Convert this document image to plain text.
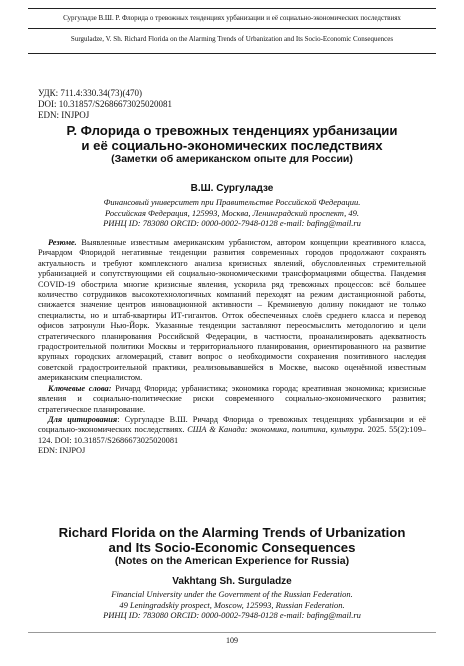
Сургуладзе В.Ш. Р. Флорида о тревожных тенденциях урбанизации и её социально-экономических последствиях
Surguladze, V. Sh. Richard Florida on the Alarming Trends of Urbanization and Its Socio-Economic Consequences
УДК: 711.4:330.34(73)(470)
DOI: 10.31857/S2686673025020081
EDN: INJPOJ
Р. Флорида о тревожных тенденциях урбанизации
и её социально-экономических последствиях
(Заметки об американском опыте для России)
В.Ш. Сургуладзе
Финансовый университет при Правительстве Российской Федерации.
Российская Федерация, 125993, Москва, Ленинградский проспект, 49.
РИНЦ ID: 783080 ORCID: 0000-0002-7948-0128 e-mail: bafing@mail.ru

Резюме. Выявленные известным американским урбанистом, автором концепции креативного класса, Ричардом Флоридой негативные тенденции развития современных городов продолжают сохранять актуальность и требуют комплексного анализа кризисных явлений, обусловленных стремительной урбанизацией и сопутствующими ей социально-экономическими трансформациями общества. Пандемия COVID-19 обострила многие кризисные явления, ускорила ряд тревожных процессов: всё большее количество сотрудников высокотехнологичных компаний переходят на режим дистанционной работы, снижается значение центров инновационной активности – Кремниевую долину покидают не только специалисты, но и штаб-квартиры ИТ-гигантов. Отток обеспеченных слоёв среднего класса и перевод офисов затронули Нью-Йорк. Указанные тенденции заставляют переосмыслить методологию и цели стратегического планирования Российской Федерации, в частности, проанализировать адекватность градостроительной политики Москвы и территориального планирования, ориентированного на развитие крупных городских агломераций, ставит вопрос о необходимости сохранения позитивного наследия советской градостроительной практики, реализовывавшейся в Москве, высоко оценённой известным американским специалистом.

Ключевые слова: Ричард Флорида; урбанистика; экономика города; креативная экономика; кризисные явления и социально-политические риски современного социально-экономического развития; стратегическое планирование.

Для цитирования: Сургуладзе В.Ш. Ричард Флорида о тревожных тенденциях урбанизации и её социально-экономических последствиях. США & Канада: экономика, политика, культура. 2025. 55(2):109–124. DOI: 10.31857/S2686673025020081

EDN: INJPOJ

Richard Florida on the Alarming Trends of Urbanization
and Its Socio-Economic Consequences
(Notes on the American Experience for Russia)
Vakhtang Sh. Surguladze
Financial University under the Government of the Russian Federation.
49 Leningradskiy prospect, Moscow, 125993, Russian Federation.
РИНЦ ID: 783080 ORCID: 0000-0002-7948-0128 e-mail: bafing@mail.ru
109
